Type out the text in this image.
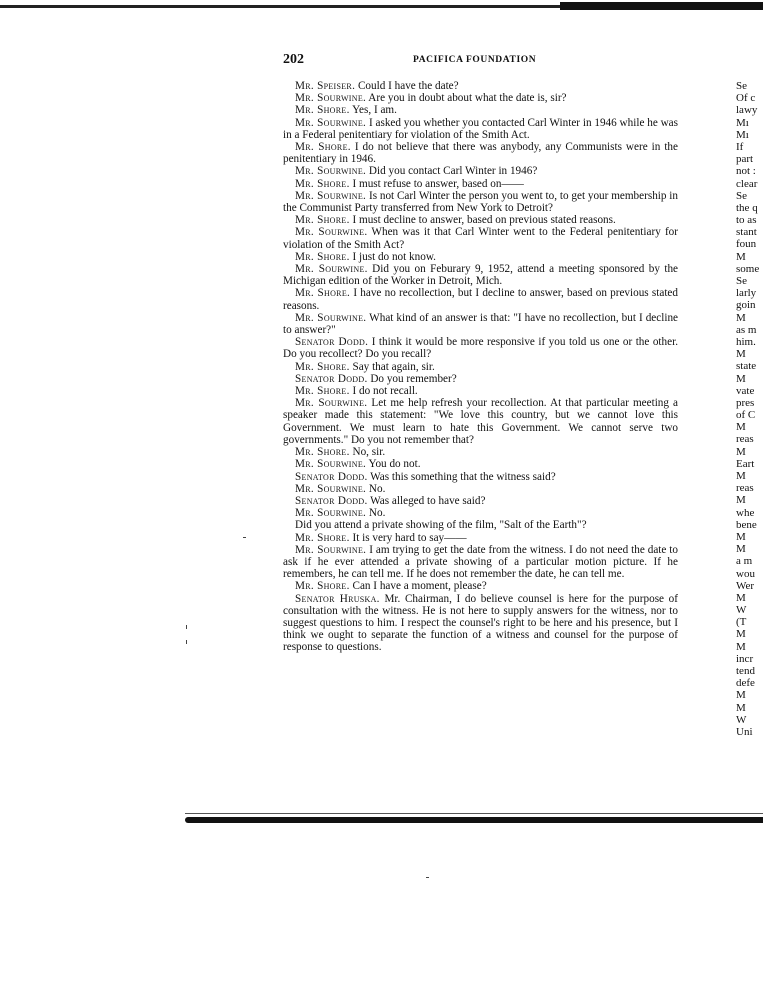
202	PACIFICA FOUNDATION

Mr. Speiser. Could I have the date?

Mr. Sourwine. Are you in doubt about what the date is, sir?

Mr. Shore. Yes, I am.

Mr. Sourwine. I asked you whether you contacted Carl Winter in 1946 while he was in a Federal penitentiary for violation of the Smith Act.

Mr. Shore. I do not believe that there was anybody, any Communists were in the penitentiary in 1946.

Mr. Sourwine. Did you contact Carl Winter in 1946?

Mr. Shore. I must refuse to answer, based on——

Mr. Sourwine. Is not Carl Winter the person you went to, to get your membership in the Communist Party transferred from New York to Detroit?

Mr. Shore. I must decline to answer, based on previous stated reasons.

Mr. Sourwine. When was it that Carl Winter went to the Federal penitentiary for violation of the Smith Act?

Mr. Shore. I just do not know.

Mr. Sourwine. Did you on Feburary 9, 1952, attend a meeting sponsored by the Michigan edition of the Worker in Detroit, Mich.

Mr. Shore. I have no recollection, but I decline to answer, based on previous stated reasons.

Mr. Sourwine. What kind of an answer is that: "I have no recollection, but I decline to answer?"

Senator Dodd. I think it would be more responsive if you told us one or the other. Do you recollect? Do you recall?

Mr. Shore. Say that again, sir.

Senator Dodd. Do you remember?

Mr. Shore. I do not recall.

Mr. Sourwine. Let me help refresh your recollection. At that particular meeting a speaker made this statement: "We love this country, but we cannot love this Government. We must learn to hate this Government. We cannot serve two governments." Do you not remember that?

Mr. Shore. No, sir.

Mr. Sourwine. You do not.

Senator Dodd. Was this something that the witness said?

Mr. Sourwine. No.

Senator Dodd. Was alleged to have said?

Mr. Sourwine. No.

Did you attend a private showing of the film, "Salt of the Earth"?

Mr. Shore. It is very hard to say——

Mr. Sourwine. I am trying to get the date from the witness. I do not need the date to ask if he ever attended a private showing of a particular motion picture. If he remembers, he can tell me. If he does not remember the date, he can tell me.

Mr. Shore. Can I have a moment, please?

Senator Hruska. Mr. Chairman, I do believe counsel is here for the purpose of consultation with the witness. He is not here to supply answers for the witness, nor to suggest questions to him. I respect the counsel's right to be here and his presence, but I think we ought to separate the function of a witness and counsel for the purpose of response to questions.

Se
Of c
lawy
Mı
Mı
If
part
not :
clear
Se
the q
to as
stant
foun
M
some
Se
larly
goin
M
as m
him.
M
state
M
vate
pres
of C
M
reas
M
Eart
M
reas
M
whe
bene
M
M
a m
wou
Wer
M
W
(T
M
M
incr
tend
defe
M
M
W
Uni
